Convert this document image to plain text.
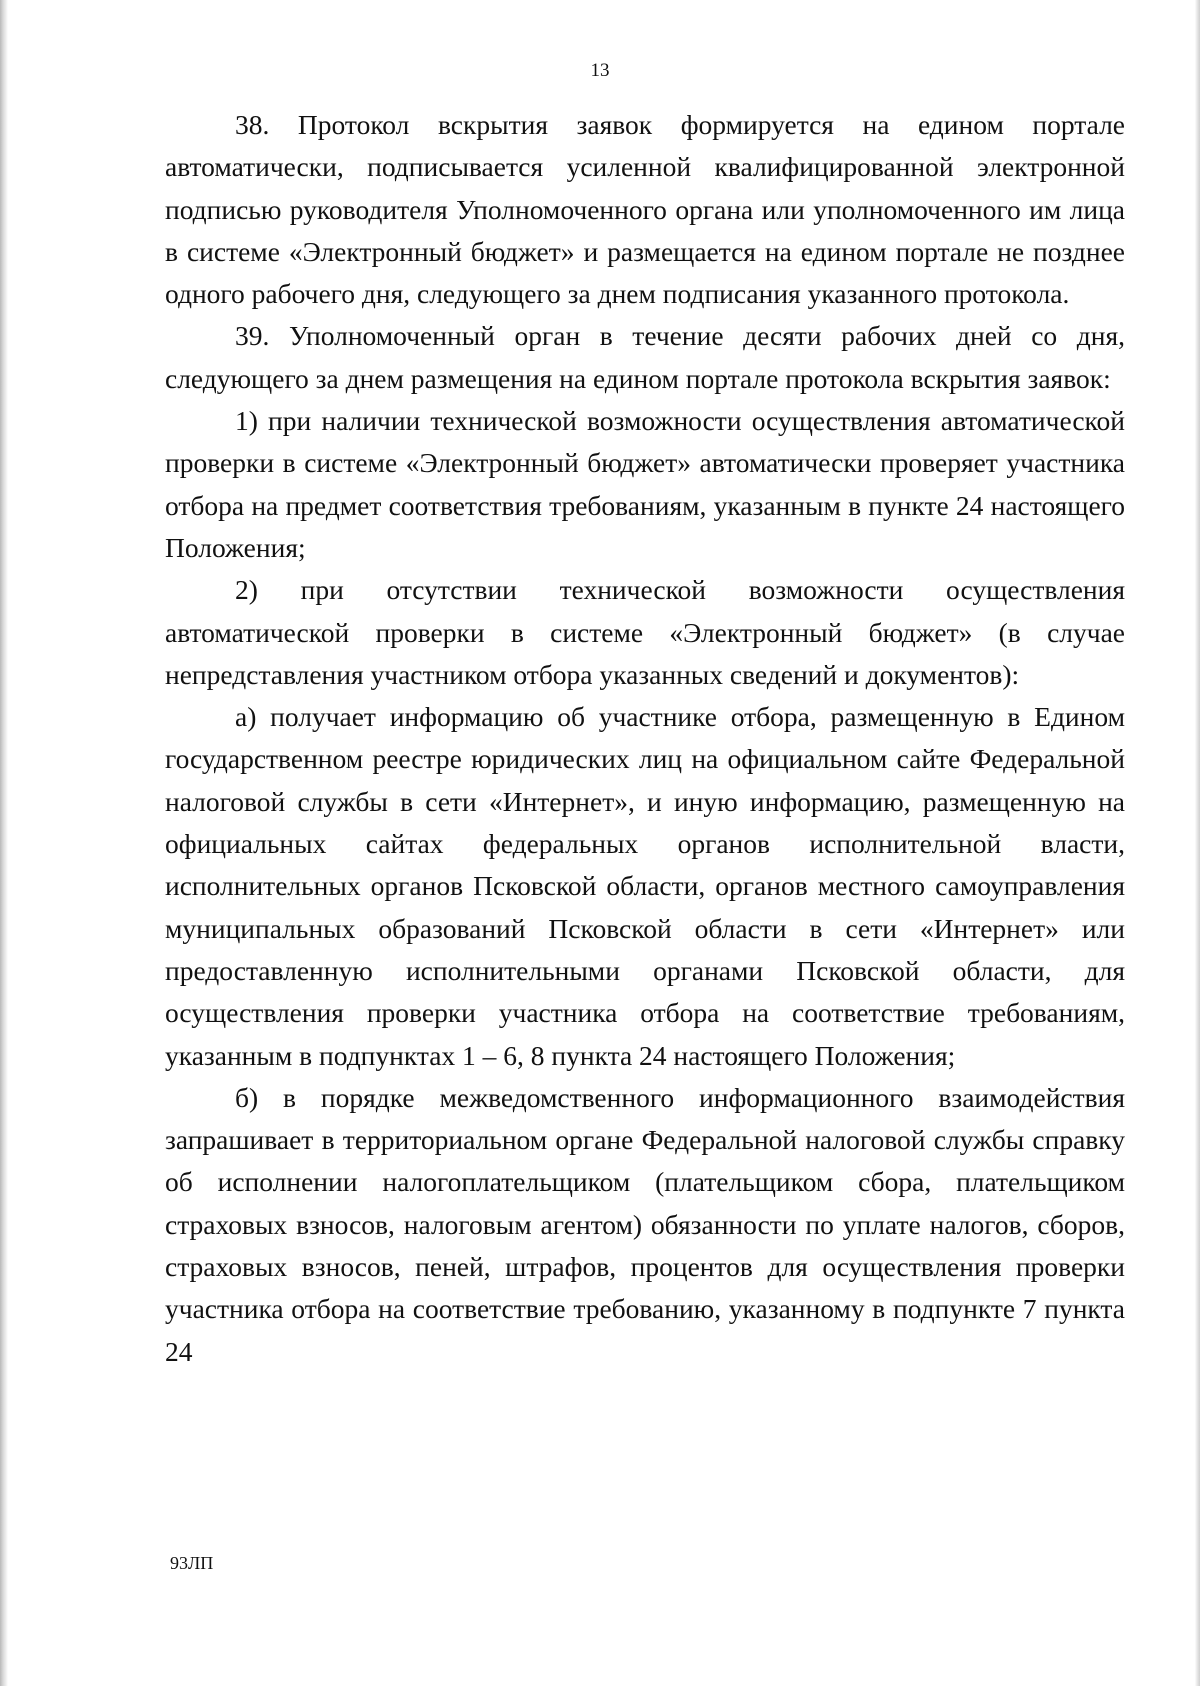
13

38. Протокол вскрытия заявок формируется на едином портале автоматически, подписывается усиленной квалифицированной электронной подписью руководителя Уполномоченного органа или уполномоченного им лица в системе «Электронный бюджет» и размещается на едином портале не позднее одного рабочего дня, следующего за днем подписания указанного протокола.

39. Уполномоченный орган в течение десяти рабочих дней со дня, следующего за днем размещения на едином портале протокола вскрытия заявок:

1) при наличии технической возможности осуществления автоматической проверки в системе «Электронный бюджет» автоматически проверяет участника отбора на предмет соответствия требованиям, указанным в пункте 24 настоящего Положения;

2) при отсутствии технической возможности осуществления автоматической проверки в системе «Электронный бюджет» (в случае непредставления участником отбора указанных сведений и документов):

а) получает информацию об участнике отбора, размещенную в Едином государственном реестре юридических лиц на официальном сайте Федеральной налоговой службы в сети «Интернет», и иную информацию, размещенную на официальных сайтах федеральных органов исполнительной власти, исполнительных органов Псковской области, органов местного самоуправления муниципальных образований Псковской области в сети «Интернет» или предоставленную исполнительными органами Псковской области, для осуществления проверки участника отбора на соответствие требованиям, указанным в подпунктах 1 – 6, 8 пункта 24 настоящего Положения;

б) в порядке межведомственного информационного взаимодействия запрашивает в территориальном органе Федеральной налоговой службы справку об исполнении налогоплательщиком (плательщиком сбора, плательщиком страховых взносов, налоговым агентом) обязанности по уплате налогов, сборов, страховых взносов, пеней, штрафов, процентов для осуществления проверки участника отбора на соответствие требованию, указанному в подпункте 7 пункта 24

93ЛП
